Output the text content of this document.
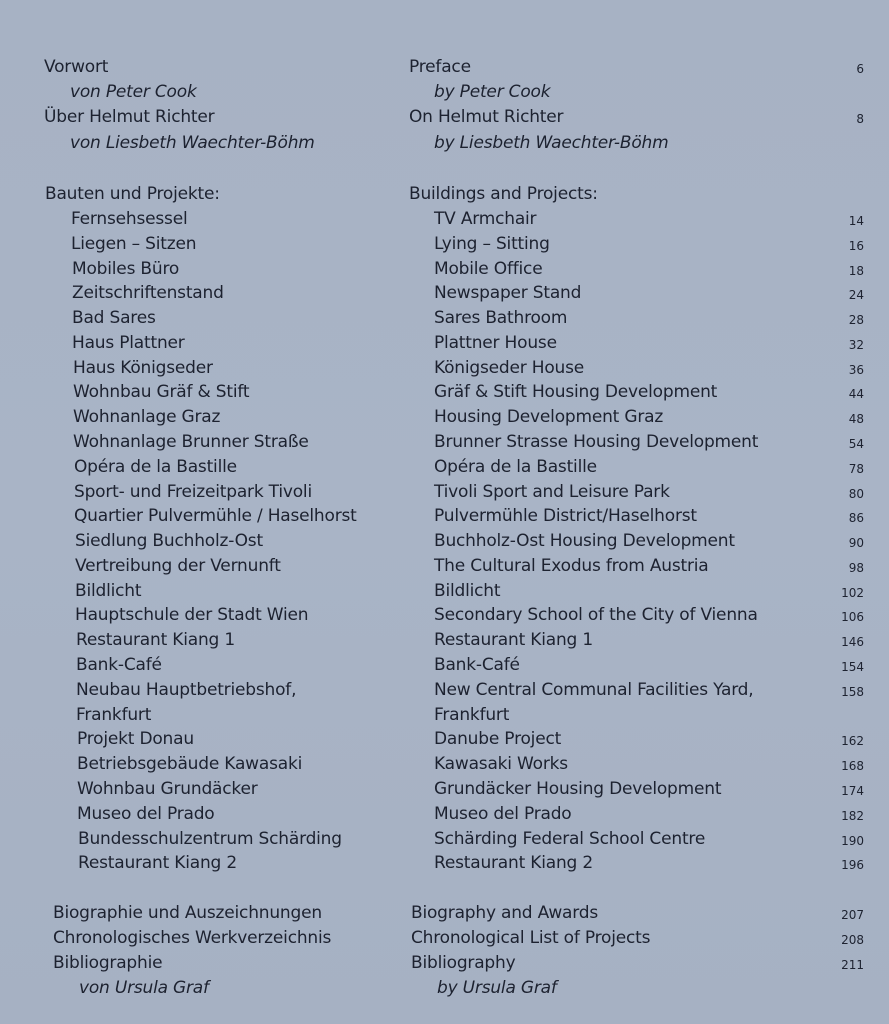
Vorwort	Preface	6
von Peter Cook	by Peter Cook
Über Helmut Richter	On Helmut Richter	8
von Liesbeth Waechter-Böhm	by Liesbeth Waechter-Böhm
Bauten und Projekte:	Buildings and Projects:
Fernsehsessel	TV Armchair	14
Liegen – Sitzen	Lying – Sitting	16
Mobiles Büro	Mobile Office	18
Zeitschriftenstand	Newspaper Stand	24
Bad Sares	Sares Bathroom	28
Haus Plattner	Plattner House	32
Haus Königseder	Königseder House	36
Wohnbau Gräf & Stift	Gräf & Stift Housing Development	44
Wohnanlage Graz	Housing Development Graz	48
Wohnanlage Brunner Straße	Brunner Strasse Housing Development	54
Opéra de la Bastille	Opéra de la Bastille	78
Sport- und Freizeitpark Tivoli	Tivoli Sport and Leisure Park	80
Quartier Pulvermühle / Haselhorst	Pulvermühle District/Haselhorst	86
Siedlung Buchholz-Ost	Buchholz-Ost Housing Development	90
Vertreibung der Vernunft	The Cultural Exodus from Austria	98
Bildlicht	Bildlicht	102
Hauptschule der Stadt Wien	Secondary School of the City of Vienna	106
Restaurant Kiang 1	Restaurant Kiang 1	146
Bank-Café	Bank-Café	154
Neubau Hauptbetriebshof,	New Central Communal Facilities Yard,	158
Frankfurt	Frankfurt
Projekt Donau	Danube Project	162
Betriebsgebäude Kawasaki	Kawasaki Works	168
Wohnbau Grundäcker	Grundäcker Housing Development	174
Museo del Prado	Museo del Prado	182
Bundesschulzentrum Schärding	Schärding Federal School Centre	190
Restaurant Kiang 2	Restaurant Kiang 2	196
Biographie und Auszeichnungen	Biography and Awards	207
Chronologisches Werkverzeichnis	Chronological List of Projects	208
Bibliographie	Bibliography	211
von Ursula Graf	by Ursula Graf
